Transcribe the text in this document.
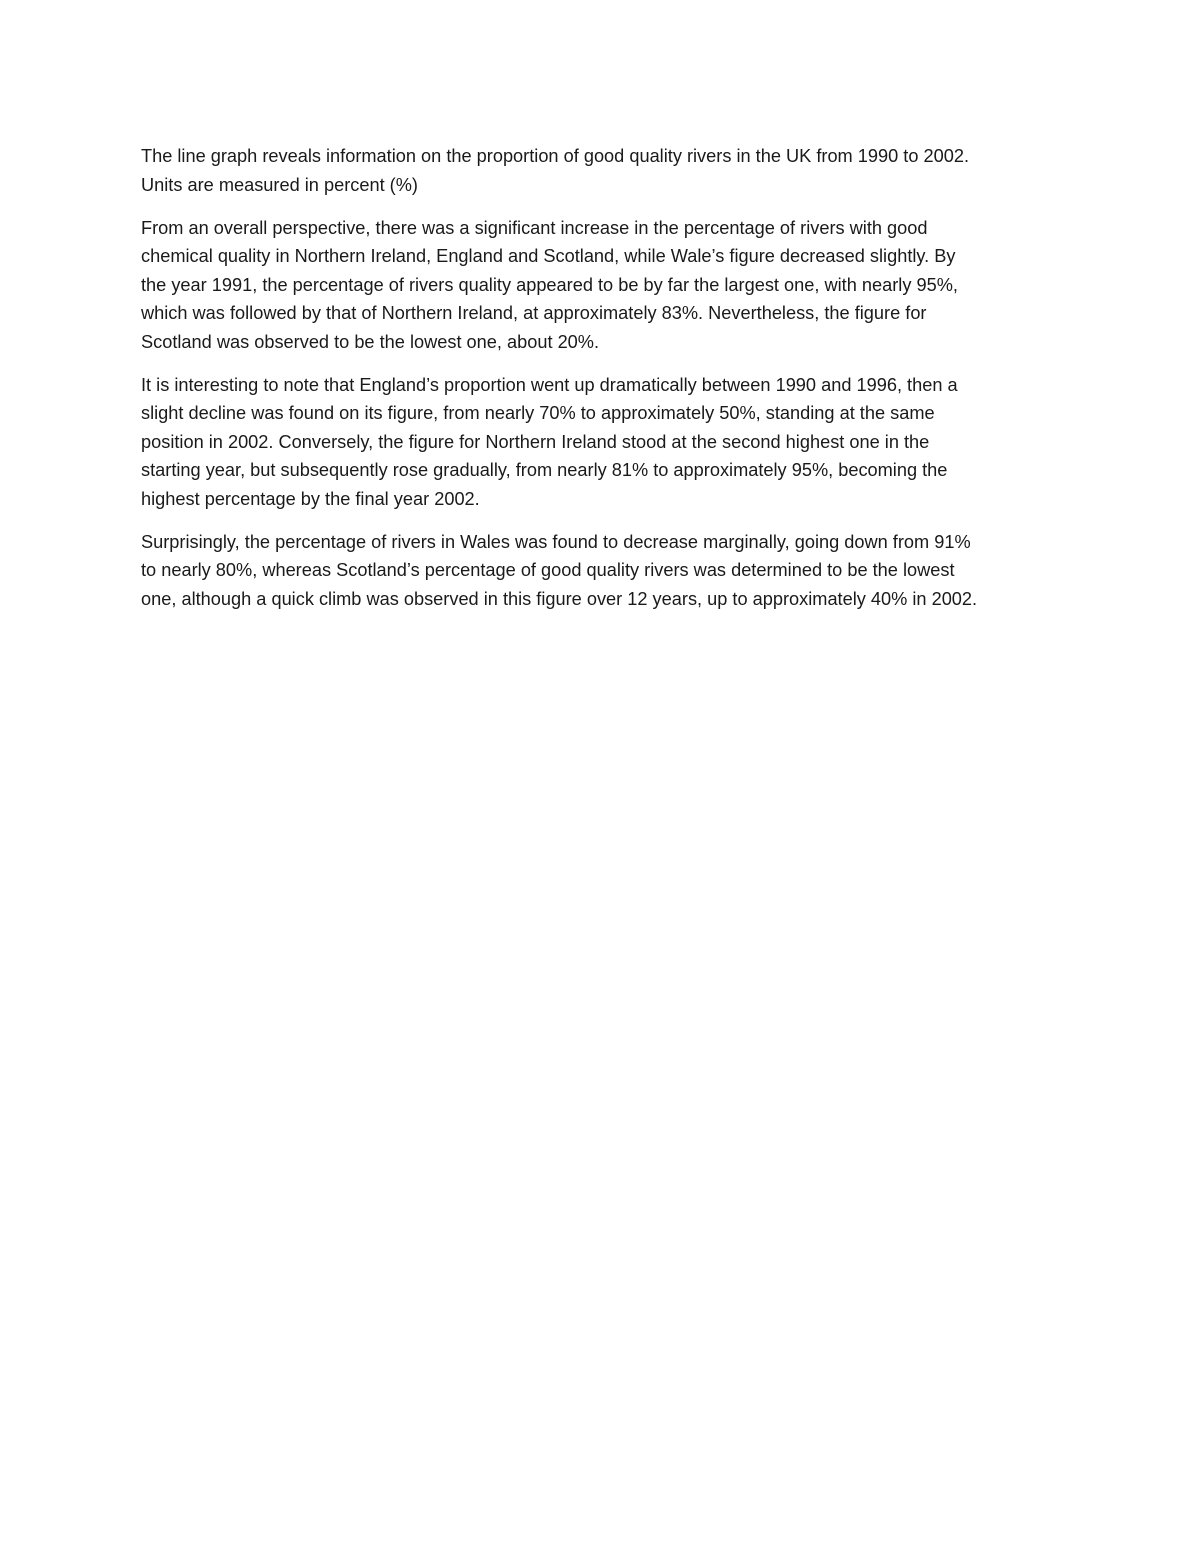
The line graph reveals information on the proportion of good quality rivers in the UK from 1990 to 2002.
Units are measured in percent (%)

From an overall perspective, there was a significant increase in the percentage of rivers with good
chemical quality in Northern Ireland, England and Scotland, while Wale’s figure decreased slightly. By
the year 1991, the percentage of rivers quality appeared to be by far the largest one, with nearly 95%,
which was followed by that of Northern Ireland, at approximately 83%. Nevertheless, the figure for
Scotland was observed to be the lowest one, about 20%.

It is interesting to note that England’s proportion went up dramatically between 1990 and 1996, then a
slight decline was found on its figure, from nearly 70% to approximately 50%, standing at the same
position in 2002. Conversely, the figure for Northern Ireland stood at the second highest one in the
starting year, but subsequently rose gradually, from nearly 81% to approximately 95%, becoming the
highest percentage by the final year 2002.

Surprisingly, the percentage of rivers in Wales was found to decrease marginally, going down from 91%
to nearly 80%, whereas Scotland’s percentage of good quality rivers was determined to be the lowest
one, although a quick climb was observed in this figure over 12 years, up to approximately 40% in 2002.
